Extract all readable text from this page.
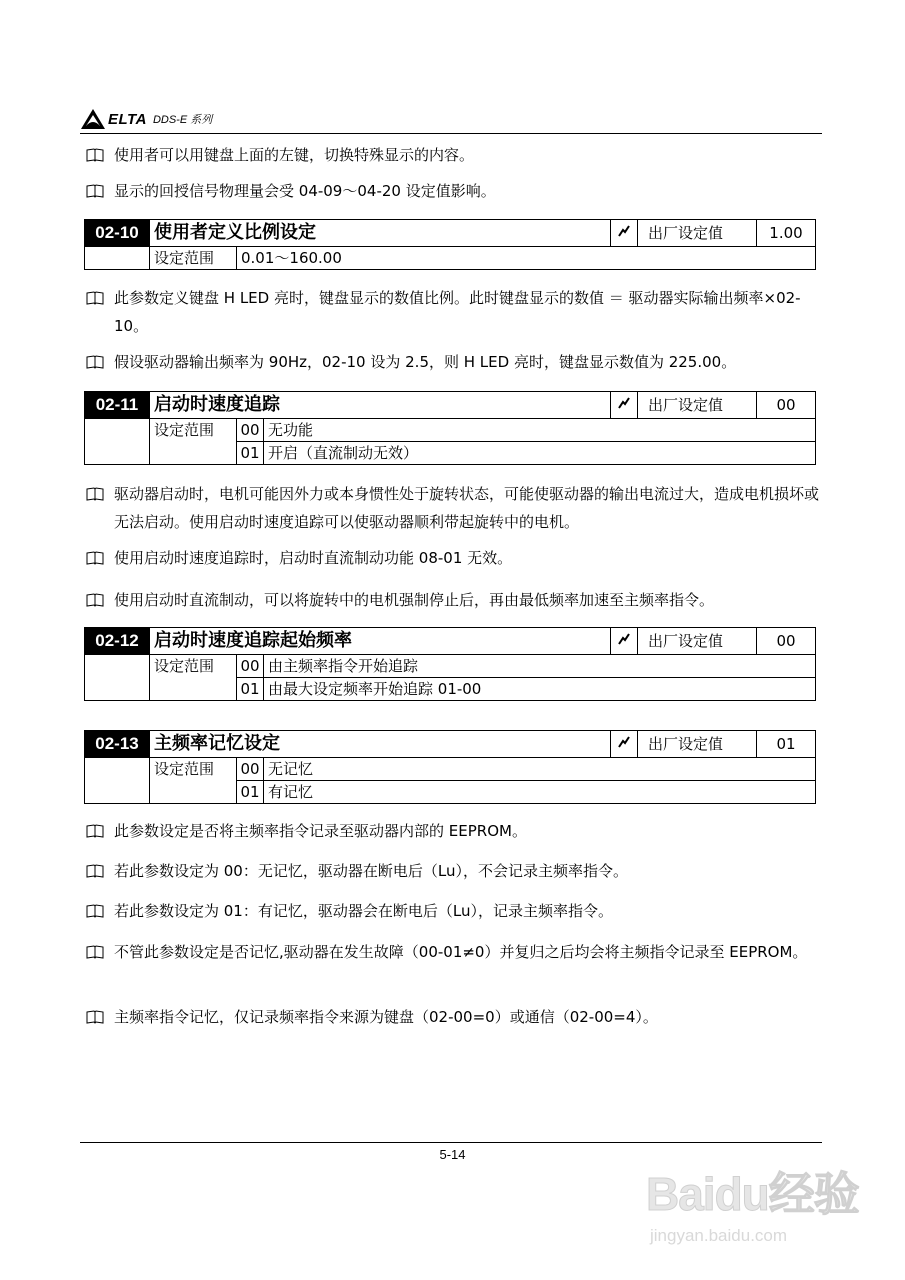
ELTA DDS-E 系列
使用者可以用键盘上面的左键，切换特殊显示的内容。
显示的回授信号物理量会受 04-09～04-20 设定值影响。
02-10	使用者定义比例设定			出厂设定值	1.00
	设定范围	0.01～160.00			
此参数定义键盘 H LED 亮时，键盘显示的数值比例。此时键盘显示的数值 ＝ 驱动器实际输出频率×02-10。
假设驱动器输出频率为 90Hz，02-10 设为 2.5，则 H LED 亮时，键盘显示数值为 225.00。
02-11	启动时速度追踪				出厂设定值	00
	设定范围	00	无功能			
		01	开启（直流制动无效）			
驱动器启动时，电机可能因外力或本身惯性处于旋转状态，可能使驱动器的输出电流过大，造成电机损坏或无法启动。使用启动时速度追踪可以使驱动器顺利带起旋转中的电机。
使用启动时速度追踪时，启动时直流制动功能 08-01 无效。
使用启动时直流制动，可以将旋转中的电机强制停止后，再由最低频率加速至主频率指令。
02-12	启动时速度追踪起始频率				出厂设定值	00
	设定范围	00	由主频率指令开始追踪			
		01	由最大设定频率开始追踪 01-00			
02-13	主频率记忆设定				出厂设定值	01
	设定范围	00	无记忆			
		01	有记忆			
此参数设定是否将主频率指令记录至驱动器内部的 EEPROM。
若此参数设定为 00：无记忆，驱动器在断电后（Lu），不会记录主频率指令。
若此参数设定为 01：有记忆，驱动器会在断电后（Lu），记录主频率指令。
不管此参数设定是否记忆,驱动器在发生故障（00-01≠0）并复归之后均会将主频指令记录至 EEPROM。
主频率指令记忆，仅记录频率指令来源为键盘（02-00=0）或通信（02-00=4）。
5-14
Baidu经验
jingyan.baidu.com
